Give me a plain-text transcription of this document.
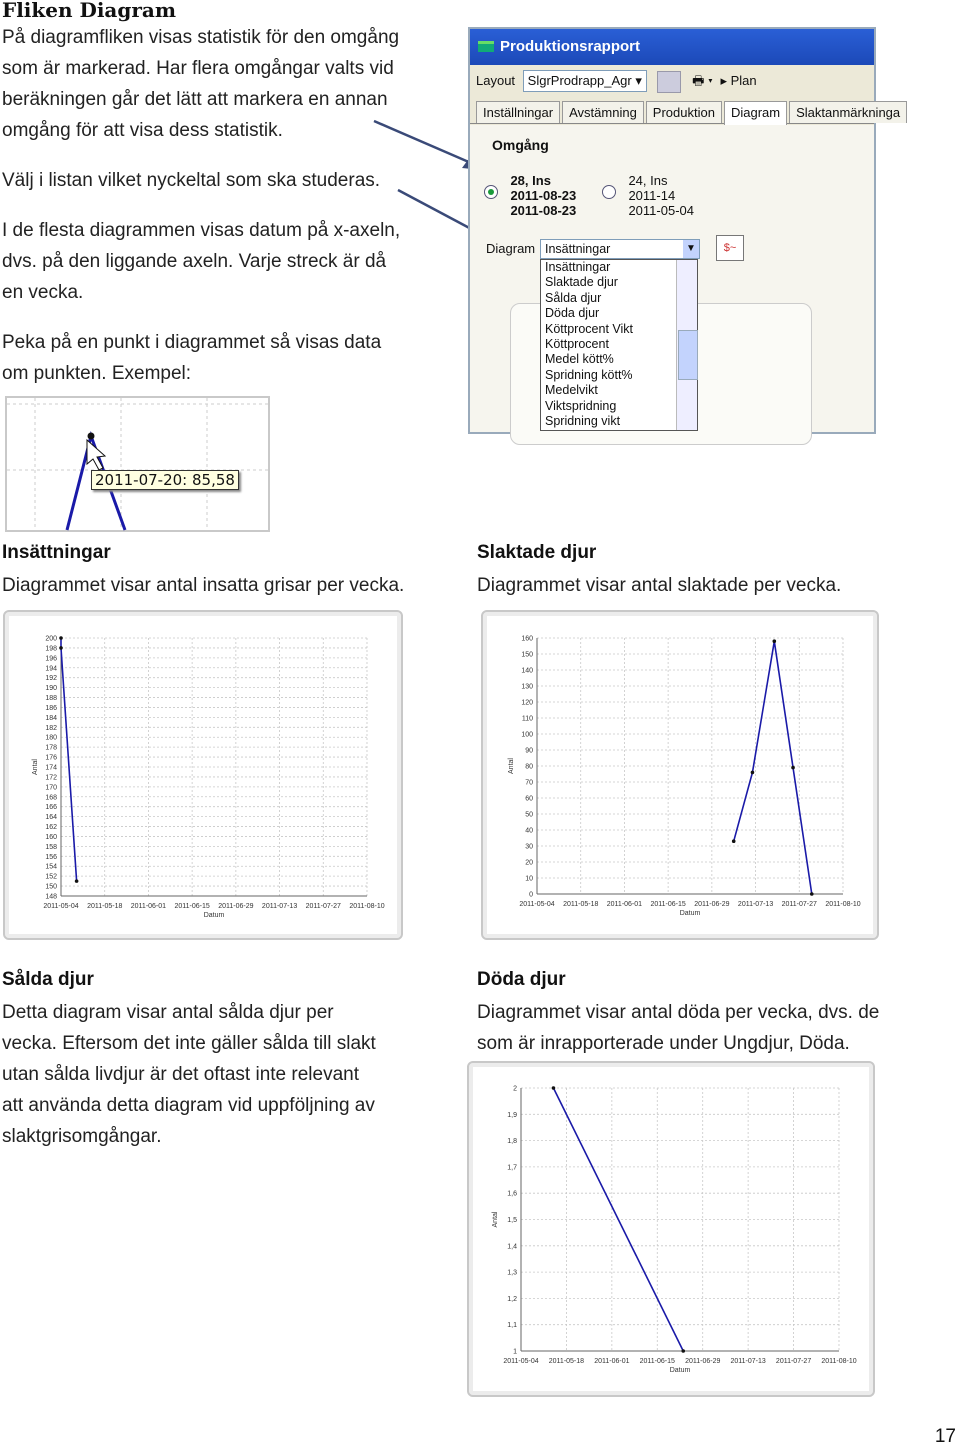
Fliken Diagram
På diagramfliken visas statistik för den omgång
som är markerad. Har flera omgångar valts vid
beräkningen går det lätt att markera en annan
omgång för att visa dess statistik.
Välj i listan vilket nyckeltal som ska studeras.
I de flesta diagrammen visas datum på x-axeln,
dvs. på den liggande axeln. Varje streck är då
en vecka.
Peka på en punkt i diagrammet så visas data
om punkten. Exempel:
2011-07-20: 85,58
Produktionsrapport
Layout SlgrProdrapp_Agr ▾	🖶 ▾ ▸ Plan
Inställningar Avstämning Produktion Diagram Slaktanmärkninga
Omgång

28, Ins
2011-08-23
2011-08-23

24, Ins
2011-14
2011-05-04
Diagram Insättningar	▼	$~
Insättningar
Slaktade djur
Sålda djur
Döda djur
Köttprocent Vikt
Köttprocent
Medel kött%
Spridning kött%
Medelvikt
Viktspridning
Spridning vikt
Insättningar
Diagrammet visar antal insatta grisar per vecka.
Slaktade djur
Diagrammet visar antal slaktade per vecka.
148
150
152
154
156
158
160
162
164
166
168
170
172
174
176
178
180
182
184
186
188
190
192
194
196
198
200
2011-05-04 2011-05-18 2011-06-01 2011-06-15 2011-06-29 2011-07-13 2011-07-27 2011-08-10
Datum
Antal
0
10
20
30
40
50
60
70
80
90
100
110
120
130
140
150
160
2011-05-04 2011-05-18 2011-06-01 2011-06-15 2011-06-29 2011-07-13 2011-07-27 2011-08-10
Datum
Antal
Sålda djur
Detta diagram visar antal sålda djur per
vecka. Eftersom det inte gäller sålda till slakt
utan sålda livdjur är det oftast inte relevant
att använda detta diagram vid uppföljning av
slaktgrisomgångar.
Döda djur
Diagrammet visar antal döda per vecka, dvs. de
som är inrapporterade under Ungdjur, Döda.
1
1,1
1,2
1,3
1,4
1,5
1,6
1,7
1,8
1,9
2
2011-05-04 2011-05-18 2011-06-01 2011-06-15 2011-06-29 2011-07-13 2011-07-27 2011-08-10
Datum
Antal
17
